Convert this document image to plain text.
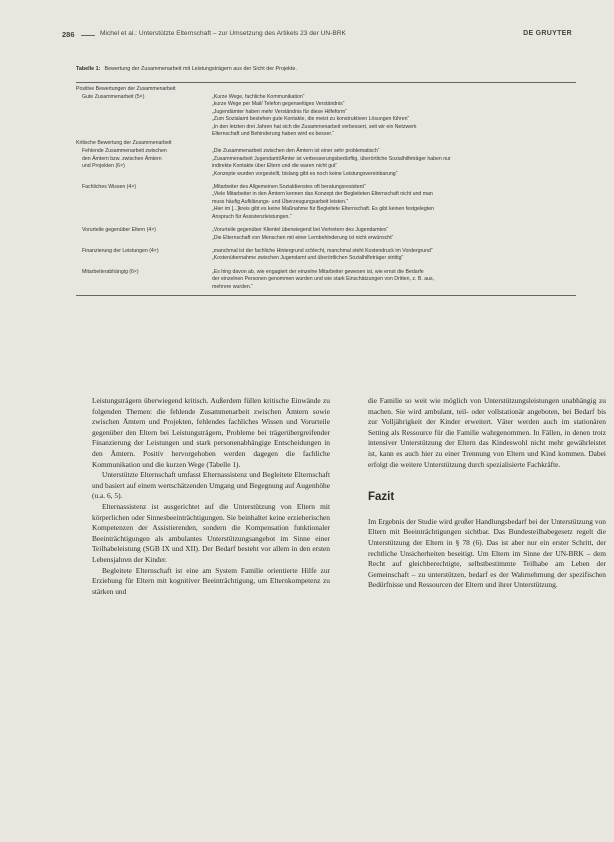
286	Michel et al.: Unterstützte Elternschaft – zur Umsetzung des Artikels 23 der UN-BRK	DE GRUYTER
Tabelle 1: Bewertung der Zusammenarbeit mit Leistungsträgern aus der Sicht der Projekte.
Positive Bewertungen der Zusammenarbeit
Gute Zusammenarbeit (5×)	„Kurze Wege, fachliche Kommunikation“
„kurze Wege per Mail/ Telefon gegenseitiges Verständnis“
„Jugendämter haben mehr Verständnis für diese Hilfeform“
„Zum Sozialamt bestehen gute Kontakte, die meist zu konstruktiven Lösungen führen“
„In den letzten drei Jahren hat sich die Zusammenarbeit verbessert, seit wir ein Netzwerk
Elternschaft und Behinderung haben wird es besser.“
Kritische Bewertung der Zusammenarbeit
Fehlende Zusammenarbeit zwischen
den Ämtern bzw. zwischen Ämtern
und Projekten (6×)
„Die Zusammenarbeit zwischen den Ämtern ist einer sehr problematisch“
„Zusammenarbeit Jugendamt/Ämter ist verbesserungsbedürftig, überörtliche Sozialhilfeträger haben nur
indirekte Kontakte über Eltern und die waren nicht gut“
„Konzepte wurden vorgestellt, bislang gibt es noch keine Leistungsvereinbarung“
Fachliches Wissen (4×)	„Mitarbeiter des Allgemeinen Sozialdienstes oft beratungsresistent“
„Viele Mitarbeiter in den Ämtern kennen das Konzept der Begleiteten Elternschaft nicht und man
muss häufig Aufklärungs- und Überzeugungsarbeit leisten.“
„Hier im [...]kreis gibt es keine Maßnahme für Begleitete Elternschaft. Es gibt keinen festgelegten
Anspruch für Assistenzleistungen.“
Vorurteile gegenüber Eltern (4×)	„Vorurteile gegenüber Klientel überwiegend bei Vertretern des Jugendamtes“
„Die Elternschaft von Menschen mit einer Lernbehinderung ist nicht erwünscht“
Finanzierung der Leistungen (4×)	„manchmal ist der fachliche Hintergrund schlecht, manchmal steht Kostendruck im Vordergrund“
„Kostenübernahme zwischen Jugendamt und überörtlichen Sozialhilfeträger strittig“
Mitarbeiterabhängig (6×)	„Es hing davon ab, wie engagiert der einzelne Mitarbeiter gewesen ist, wie ernst die Bedarfe
der einzelnen Personen genommen wurden und wie stark Einschätzungen von Dritten, z. B. aus,
mehrere wurden.“

Leistungsträgern überwiegend kritisch. Außerdem füllen kritische Einwände zu folgenden Themen: die fehlende Zusammenarbeit zwischen Ämtern sowie zwischen Ämtern und Projekten, fehlendes fachliches Wissen und Vorurteile gegenüber den Eltern bei Leistungsträgern, Probleme bei trägerübergreifender Finanzierung der Leistungen und stark personenabhängige Entscheidungen in den Ämtern. Positiv hervorgehoben werden dagegen die fachliche Kommunikation und die kurzen Wege (Tabelle 1).

Unterstützte Elternschaft umfasst Elternassistenz und Begleitete Elternschaft und basiert auf einem wertschätzenden Umgang und Begegnung auf Augenhöhe (u.a. 6, 5).

Elternassistenz ist ausgerichtet auf die Unterstützung von Eltern mit körperlichen oder Sinnesbeeinträchtigungen. Sie beinhaltet keine erzieherischen Kompetenzen der Assistierenden, sondern die Kompensation funktionaler Beeinträchtigungen als ambulantes Unterstützungsangebot im Sinne einer Teilhabeleistung (SGB IX und XII). Der Bedarf besteht vor allem in den ersten Lebensjahren der Kinder.

Begleitete Elternschaft ist eine am System Familie orientierte Hilfe zur Erziehung für Eltern mit kognitiver Beeinträchtigung, um Elternkompetenz zu stärken und

die Familie so weit wie möglich von Unterstützungsleistungen unabhängig zu machen. Sie wird ambulant, teil- oder vollstationär angeboten, bei Bedarf bis zur Volljährigkeit der Kinder erweitert. Väter werden auch im stationären Setting als Ressource für die Familie wahrgenommen. In Fällen, in denen trotz intensiver Unterstützung der Eltern das Kindeswohl nicht mehr gewährleistet ist, kann es auch hier zu einer Trennung von Eltern und Kind kommen. Dabei erfolgt die weitere Unterstützung durch spezialisierte Fachkräfte.

Fazit

Im Ergebnis der Studie wird großer Handlungsbedarf bei der Unterstützung von Eltern mit Beeinträchtigungen sichtbar. Das Bundesteilhabegesetz regelt die Unterstützung der Eltern in § 78 (6). Das ist aber nur ein erster Schritt, der rechtliche Unsicherheiten beseitigt. Um Eltern im Sinne der UN-BRK – dem Recht auf gleichberechtigte, selbstbestimmte Teilhabe am Leben der Gemeinschaft – zu unterstützen, bedarf es der Wahrnehmung der spezifischen Bedürfnisse und Ressourcen der Eltern und ihrer Unterstützung.
